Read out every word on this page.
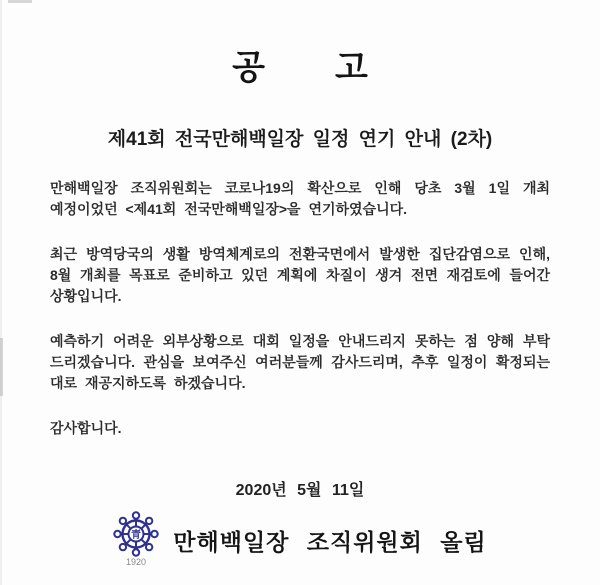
공 고
제41회 전국만해백일장 일정 연기 안내 (2차)

만해백일장 조직위원회는 코로나19의 확산으로 인해 당초 3월 1일 개최 예정이었던 <제41회 전국만해백일장>을 연기하였습니다.

최근 방역당국의 생활 방역체계로의 전환국면에서 발생한 집단감염으로 인해, 8월 개최를 목표로 준비하고 있던 계획에 차질이 생겨 전면 재검토에 들어간 상황입니다.

예측하기 어려운 외부상황으로 대회 일정을 안내드리지 못하는 점 양해 부탁 드리겠습니다. 관심을 보여주신 여러분들께 감사드리며, 추후 일정이 확정되는 대로 재공지하도록 하겠습니다.

감사합니다.

2020년 5월 11일
青
1920
만해백일장 조직위원회 올림
